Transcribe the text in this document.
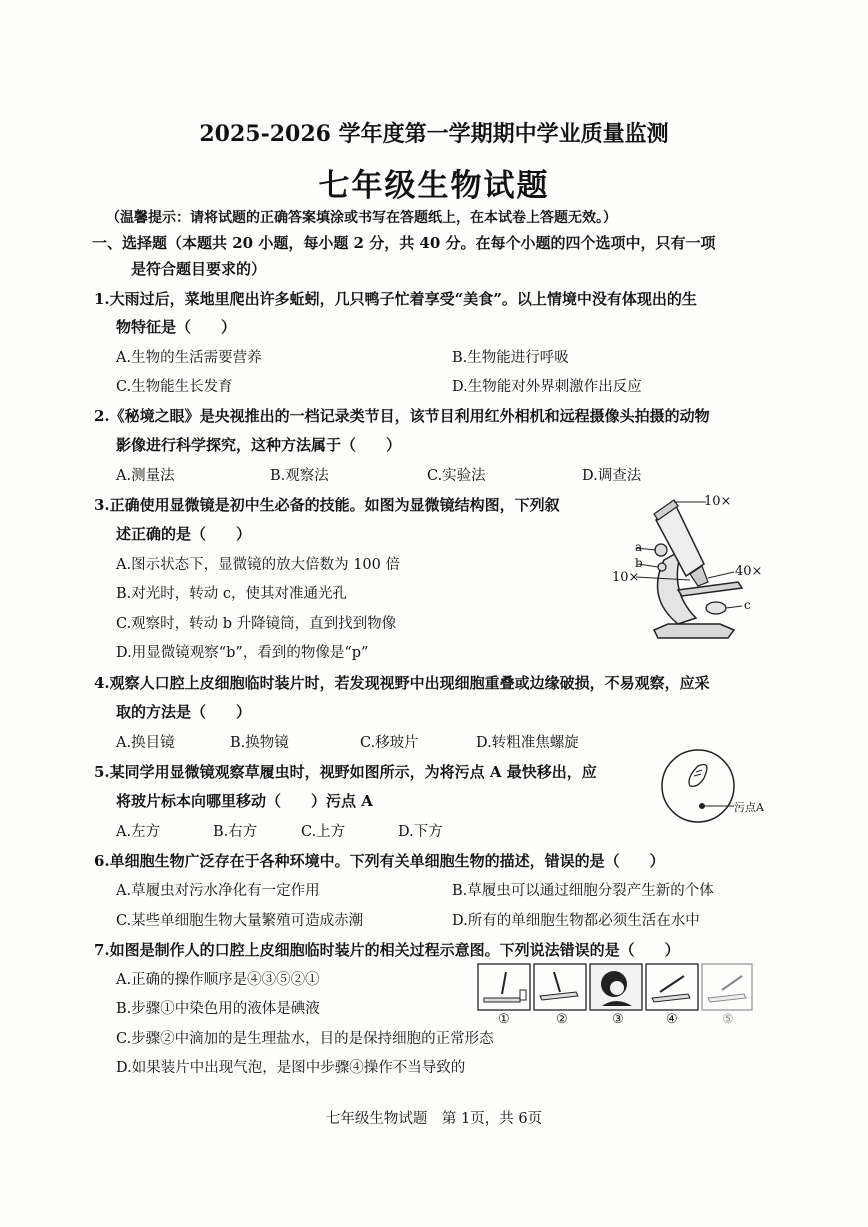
2025-2026 学年度第一学期期中学业质量监测
七年级生物试题
（温馨提示：请将试题的正确答案填涂或书写在答题纸上，在本试卷上答题无效。）
一、选择题（本题共 20 小题，每小题 2 分，共 40 分。在每个小题的四个选项中，只有一项
是符合题目要求的）
1.大雨过后，菜地里爬出许多蚯蚓，几只鸭子忙着享受“美食”。以上情境中没有体现出的生
物特征是（　　）
A.生物的生活需要营养	B.生物能进行呼吸
C.生物能生长发育	D.生物能对外界刺激作出反应
2.《秘境之眼》是央视推出的一档记录类节目，该节目利用红外相机和远程摄像头拍摄的动物
影像进行科学探究，这种方法属于（　　）
A.测量法	B.观察法	C.实验法	D.调查法
3.正确使用显微镜是初中生必备的技能。如图为显微镜结构图，下列叙
述正确的是（　　）
A.图示状态下，显微镜的放大倍数为 100 倍
B.对光时，转动 c，使其对准通光孔
C.观察时，转动 b 升降镜筒，直到找到物像
D.用显微镜观察“b”，看到的物像是“p”
10×
a
b
10×	40×
c
4.观察人口腔上皮细胞临时装片时，若发现视野中出现细胞重叠或边缘破损，不易观察，应采
取的方法是（　　）
A.换目镜	B.换物镜	C.移玻片	D.转粗准焦螺旋
5.某同学用显微镜观察草履虫时，视野如图所示，为将污点 A 最快移出，应
将玻片标本向哪里移动（　　）污点 A
A.左方	B.右方	C.上方	D.下方
污点A
6.单细胞生物广泛存在于各种环境中。下列有关单细胞生物的描述，错误的是（　　）
A.草履虫对污水净化有一定作用	B.草履虫可以通过细胞分裂产生新的个体
C.某些单细胞生物大量繁殖可造成赤潮	D.所有的单细胞生物都必须生活在水中
7.如图是制作人的口腔上皮细胞临时装片的相关过程示意图。下列说法错误的是（　　）
A.正确的操作顺序是④③⑤②①
B.步骤①中染色用的液体是碘液
C.步骤②中滴加的是生理盐水，目的是保持细胞的正常形态
D.如果装片中出现气泡，是图中步骤④操作不当导致的
①	②	③	④	⑤
七年级生物试题　第 1页，共 6页
